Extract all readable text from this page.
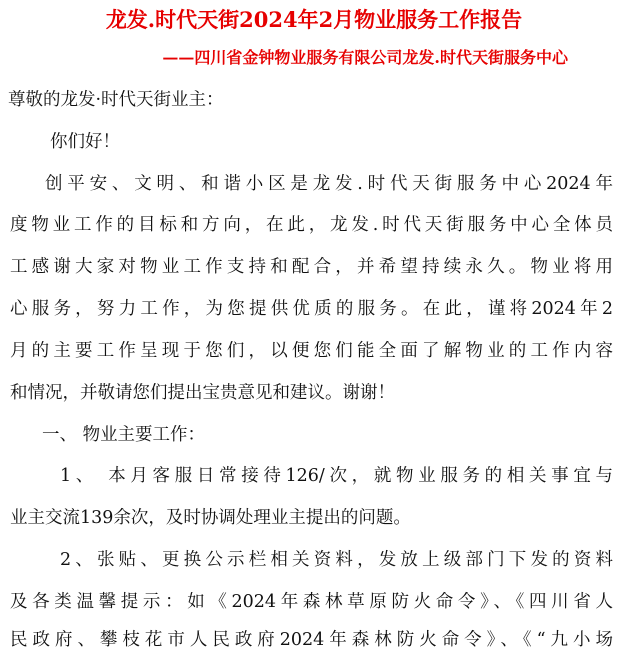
龙发.时代天街2024年2月物业服务工作报告
——四川省金钟物业服务有限公司龙发.时代天街服务中心
尊敬的龙发·时代天街业主：
你们好！
创平安、文明、和谐小区是龙发.时代天街服务中心2024年
度物业工作的目标和方向，在此，龙发.时代天街服务中心全体员
工感谢大家对物业工作支持和配合，并希望持续永久。物业将用
心服务，努力工作，为您提供优质的服务。在此，谨将2024年2
月的主要工作呈现于您们，以便您们能全面了解物业的工作内容
和情况，并敬请您们提出宝贵意见和建议。谢谢！
一、 物业主要工作：
1、 本月客服日常接待126/次，就物业服务的相关事宜与
业主交流139余次，及时协调处理业主提出的问题。
2、张贴、更换公示栏相关资料，发放上级部门下发的资料
及各类温馨提示：如《2024年森林草原防火命令》、《四川省人
民政府、攀枝花市人民政府2024年森林防火命令》、《“九小场
